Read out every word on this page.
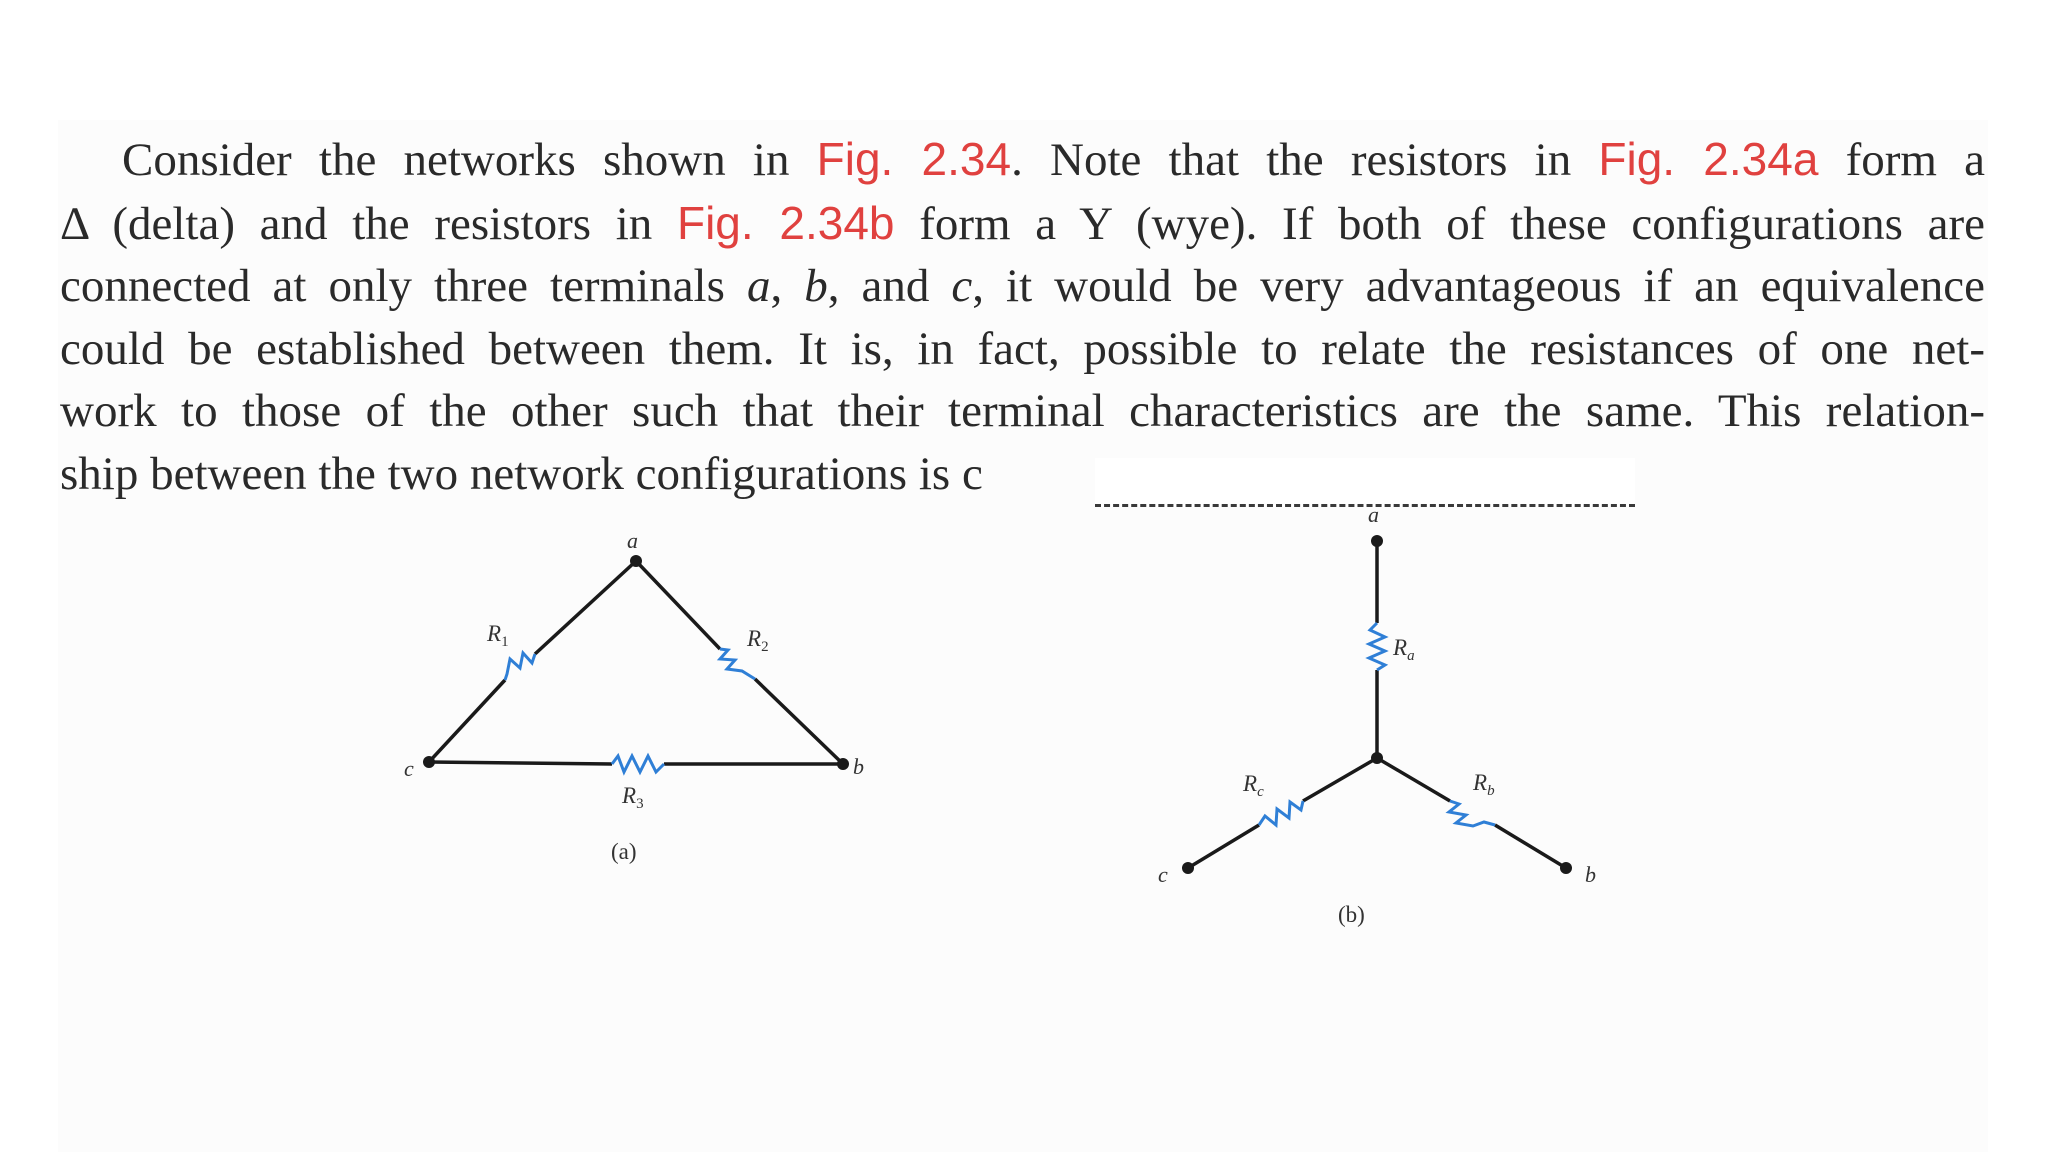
Consider the networks shown in Fig. 2.34. Note that the resistors in Fig. 2.34a form a
Δ (delta) and the resistors in Fig. 2.34b form a Y (wye). If both of these configurations are
connected at only three terminals a, b, and c, it would be very advantageous if an equivalence
could be established between them. It is, in fact, possible to relate the resistances of one net-
work to those of the other such that their terminal characteristics are the same. This relation-
ship between the two network configurations is c
a
c	b
$R_1$	$R_2$
$R_3$
(a)
a
c	b
$R_a$
$R_c$	$R_b$
(b)
